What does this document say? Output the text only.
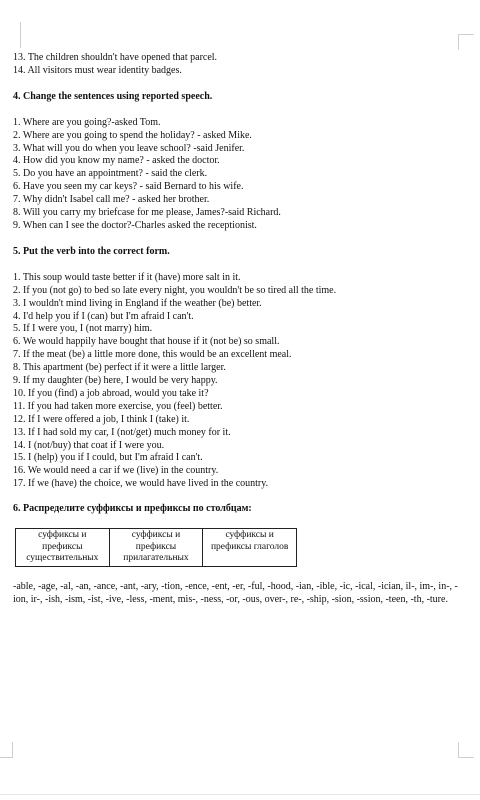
13. The children shouldn't have opened that parcel.
14. All visitors must wear identity badges.
4. Change the sentences using reported speech.
1. Where are you going?-asked Tom.
2. Where are you going to spend the holiday? - asked Mike.
3. What will you do when you leave school? -said Jenifer.
4. How did you know my name? - asked the doctor.
5. Do you have an appointment? - said the clerk.
6. Have you seen my car keys? - said Bernard to his wife.
7. Why didn't Isabel call me? - asked her brother.
8. Will you carry my briefcase for me please, James?-said Richard.
9. When can I see the doctor?-Charles asked the receptionist.
5. Put the verb into the correct form.
1. This soup would taste better if it (have) more salt in it.
2. If you (not go) to bed so late every night, you wouldn't be so tired all the time.
3. I wouldn't mind living in England if the weather (be) better.
4. I'd help you if I (can) but I'm afraid I can't.
5. If I were you, I (not marry) him.
6. We would happily have bought that house if it (not be) so small.
7. If the meat (be) a little more done, this would be an excellent meal.
8. This apartment (be) perfect if it were a little larger.
9. If my daughter (be) here, I would be very happy.
10. If you (find) a job abroad, would you take it?
11. If you had taken more exercise, you (feel) better.
12. If I were offered a job, I think I (take) it.
13. If I had sold my car, I (not/get) much money for it.
14. I (not/buy) that coat if I were you.
15. I (help) you if I could, but I'm afraid I can't.
16. We would need a car if we (live) in the country.
17. If we (have) the choice, we would have lived in the country.
6. Распределите суффиксы и префиксы по столбцам:
суффиксы и префиксы существительных	суффиксы и префиксы прилагательных	суффиксы и префиксы глаголов
-able, -age, -al, -an, -ance, -ant, -ary, -tion, -ence, -ent, -er, -ful, -hood, -ian, -ible, -ic, -ical, -ician, il-, im-, in-, -ion, ir-, -ish, -ism, -ist, -ive, -less, -ment, mis-, -ness, -or, -ous, over-, re-, -ship, -sion, -ssion, -teen, -th, -ture.
